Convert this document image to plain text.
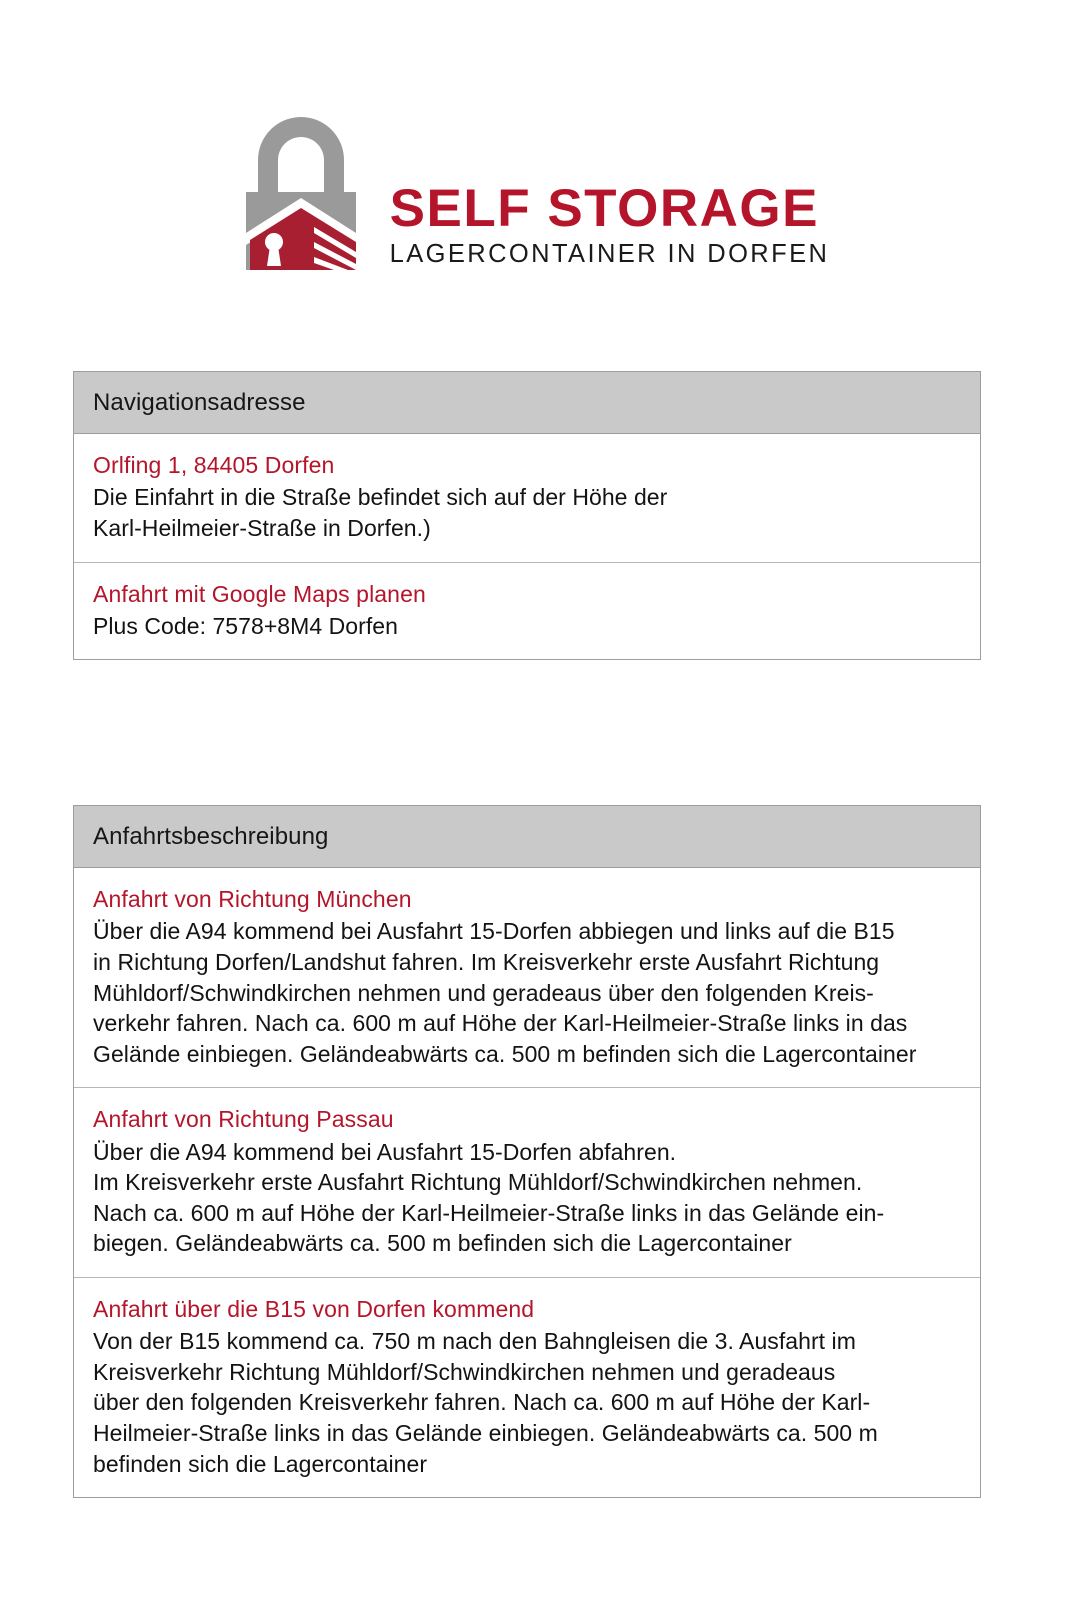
SELF STORAGE
LAGERCONTAINER IN DORFEN
Navigationsadresse

Orlfing 1, 84405 Dorfen

Die Einfahrt in die Straße befindet sich auf der Höhe der
Karl-Heilmeier-Straße in Dorfen.)

Anfahrt mit Google Maps planen

Plus Code: 7578+8M4 Dorfen

Anfahrtsbeschreibung

Anfahrt von Richtung München

Über die A94 kommend bei Ausfahrt 15-Dorfen abbiegen und links auf die B15
in Richtung Dorfen/Landshut fahren. Im Kreisverkehr erste Ausfahrt Richtung
Mühldorf/Schwindkirchen nehmen und geradeaus über den folgenden Kreis-
verkehr fahren. Nach ca. 600 m auf Höhe der Karl-Heilmeier-Straße links in das
Gelände einbiegen. Geländeabwärts ca. 500 m befinden sich die Lagercontainer

Anfahrt von Richtung Passau

Über die A94 kommend bei Ausfahrt 15-Dorfen abfahren.
Im Kreisverkehr erste Ausfahrt Richtung Mühldorf/Schwindkirchen nehmen.
Nach ca. 600 m auf Höhe der Karl-Heilmeier-Straße links in das Gelände ein-
biegen. Geländeabwärts ca. 500 m befinden sich die Lagercontainer

Anfahrt über die B15 von Dorfen kommend

Von der B15 kommend ca. 750 m nach den Bahngleisen die 3. Ausfahrt im
Kreisverkehr Richtung Mühldorf/Schwindkirchen nehmen und geradeaus
über den folgenden Kreisverkehr fahren. Nach ca. 600 m auf Höhe der Karl-
Heilmeier-Straße links in das Gelände einbiegen. Geländeabwärts ca. 500 m
befinden sich die Lagercontainer
